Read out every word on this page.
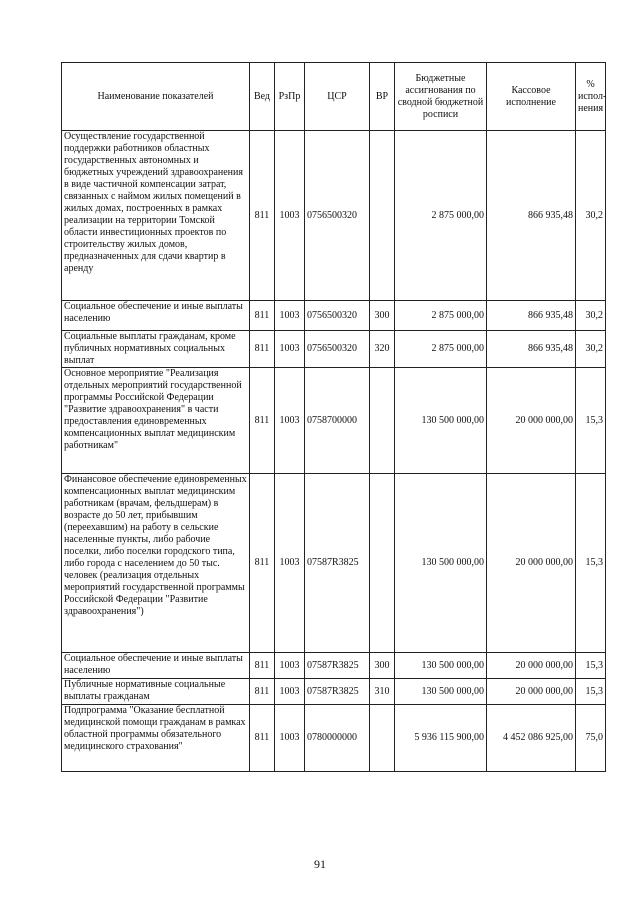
Наименование показателей	Вед	РзПр	ЦСР	ВР	Бюджетные ассигнования по сводной бюджетной росписи	Кассовое исполнение	% испол-нения
Осуществление государственной поддержки работников областных государственных автономных и бюджетных учреждений здравоохранения в виде частичной компенсации затрат, связанных с наймом жилых помещений в жилых домах, построенных в рамках реализации на территории Томской области инвестиционных проектов по строительству жилых домов, предназначенных для сдачи квартир в аренду	811	1003	0756500320		2 875 000,00	866 935,48	30,2
Социальное обеспечение и иные выплаты населению	811	1003	0756500320	300	2 875 000,00	866 935,48	30,2
Социальные выплаты гражданам, кроме публичных нормативных социальных выплат	811	1003	0756500320	320	2 875 000,00	866 935,48	30,2
Основное мероприятие "Реализация отдельных мероприятий государственной программы Российской Федерации "Развитие здравоохранения" в части предоставления единовременных компенсационных выплат медицинским работникам"	811	1003	0758700000		130 500 000,00	20 000 000,00	15,3
Финансовое обеспечение единовременных компенсационных выплат медицинским работникам (врачам, фельдшерам) в возрасте до 50 лет, прибывшим (переехавшим) на работу в сельские населенные пункты, либо рабочие поселки, либо поселки городского типа, либо города с населением до 50 тыс. человек (реализация отдельных мероприятий государственной программы Российской Федерации "Развитие здравоохранения")	811	1003	07587R3825		130 500 000,00	20 000 000,00	15,3
Социальное обеспечение и иные выплаты населению	811	1003	07587R3825	300	130 500 000,00	20 000 000,00	15,3
Публичные нормативные социальные выплаты гражданам	811	1003	07587R3825	310	130 500 000,00	20 000 000,00	15,3
Подпрограмма "Оказание бесплатной медицинской помощи гражданам в рамках областной программы обязательного медицинского страхования"	811	1003	0780000000		5 936 115 900,00	4 452 086 925,00	75,0
91
